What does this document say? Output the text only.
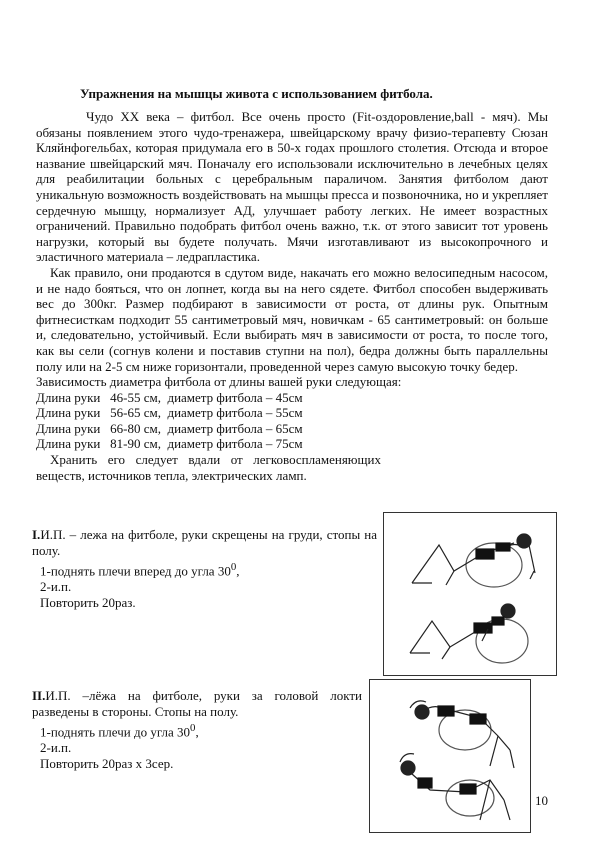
Упражнения на мышцы живота с использованием фитбола.

Чудо XX века – фитбол. Все очень просто (Fit-оздоровление,ball - мяч). Мы обязаны появлением этого чудо-тренажера, швейцарскому врачу физио-терапевту Сюзан Кляйнфогельбах, которая придумала его в 50-х годах прошлого столетия. Отсюда и второе название швейцарский мяч. Поначалу его использовали исключительно в лечебных целях для реабилитации больных с церебральным параличом. Занятия фитболом дают уникальную возможность воздействовать на мышцы пресса и позвоночника, но и укрепляет сердечную мышцу, нормализует АД, улучшает работу легких. Не имеет возрастных ограничений. Правильно подобрать фитбол очень важно, т.к. от этого зависит тот уровень нагрузки, который вы будете получать. Мячи изготавливают из высокопрочного и эластичного материала – ледрапластика.

Как правило, они продаются в сдутом виде, накачать его можно велосипедным насосом, и не надо бояться, что он лопнет, когда вы на него сядете. Фитбол способен выдерживать вес до 300кг. Размер подбирают в зависимости от роста, от длины рук. Опытным фитнесисткам подходит 55 сантиметровый мяч, новичкам - 65 сантиметровый: он больше и, следовательно, устойчивый. Если выбирать мяч в зависимости от роста, то после того, как вы сели (согнув колени и поставив ступни на пол), бедра должны быть параллельны полу или на 2-5 см ниже горизонтали, проведенной через самую высокую точку бедер.

Зависимость диаметра фитбола от длины вашей руки следующая:

Длина руки   46-55 см,  диаметр фитбола – 45см

Длина руки   56-65 см,  диаметр фитбола – 55см

Длина руки   66-80 см,  диаметр фитбола – 65см

Длина руки   81-90 см,  диаметр фитбола – 75см

Хранить его следует вдали от легковоспламеняющих веществ, источников тепла, электрических ламп.

I.И.П. – лежа на фитболе, руки скрещены на груди, стопы на полу.

1-поднять плечи вперед до угла $30^0$,

2-и.п.

Повторить 20раз.

II.И.П. –лёжа на фитболе, руки за головой локти разведены в стороны. Стопы на полу.

1-поднять плечи до угла $30^0$,

2-и.п.

Повторить 20раз х 3сер.

10
